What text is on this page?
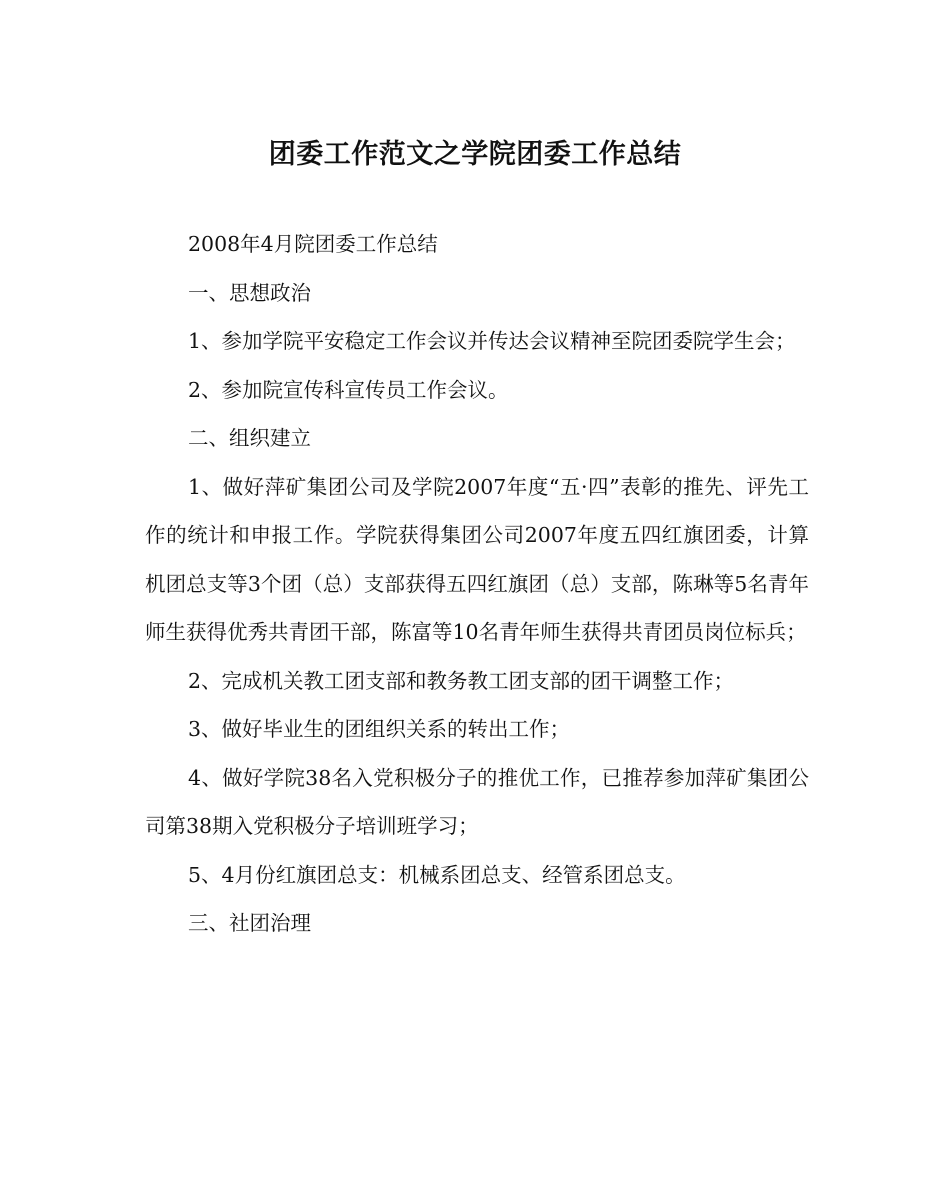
团委工作范文之学院团委工作总结

2008年4月院团委工作总结

一、思想政治

1、参加学院平安稳定工作会议并传达会议精神至院团委院学生会；

2、参加院宣传科宣传员工作会议。

二、组织建立

1、做好萍矿集团公司及学院2007年度“五·四”表彰的推先、评先工作的统计和申报工作。学院获得集团公司2007年度五四红旗团委，计算机团总支等3个团（总）支部获得五四红旗团（总）支部，陈琳等5名青年师生获得优秀共青团干部，陈富等10名青年师生获得共青团员岗位标兵；

2、完成机关教工团支部和教务教工团支部的团干调整工作；

3、做好毕业生的团组织关系的转出工作；

4、做好学院38名入党积极分子的推优工作，已推荐参加萍矿集团公司第38期入党积极分子培训班学习；

5、4月份红旗团总支：机械系团总支、经管系团总支。

三、社团治理
